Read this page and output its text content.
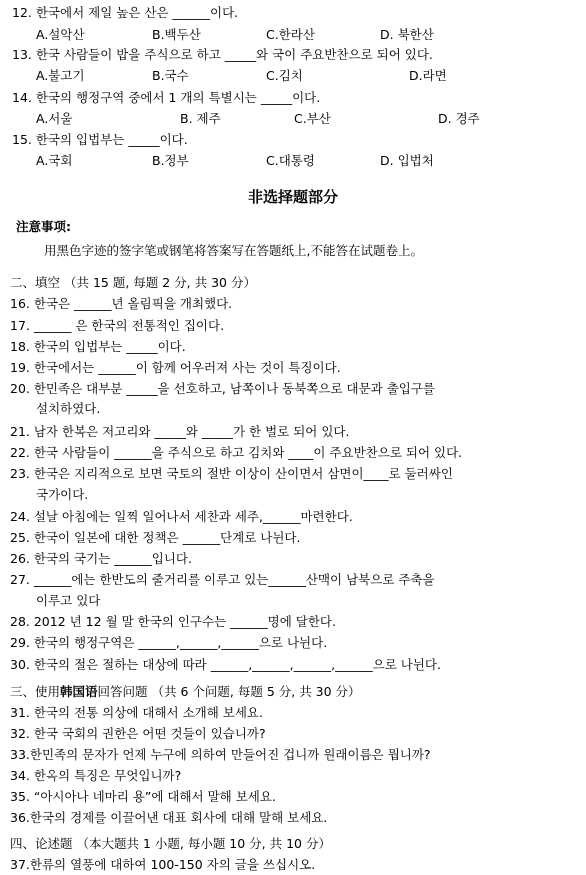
12. 한국에서 제일 높은 산은 ______이다.
A.설악산	B.백두산	C.한라산	D. 북한산
13. 한국 사람들이 밥을 주식으로 하고 _____와 국이 주요반찬으로 되어 있다.
A.불고기	B.국수	C.김치	D.라면
14. 한국의 행정구역 중에서 1 개의 특별시는 _____이다.
A.서울	B. 제주	C.부산	D. 경주
15. 한국의 입법부는 _____이다.
A.국회	B.정부	C.대통령	D. 입법처
非选择题部分
注意事项:
用黑色字迹的签字笔或钢笔将答案写在答题纸上,不能答在试题卷上。
二、填空 （共 15 题, 每题 2 分, 共 30 分）
16. 한국은 ______년 올림픽을 개최했다.
17. ______ 은 한국의 전통적인 집이다.
18. 한국의 입법부는 _____이다.
19. 한국에서는 ______이 함께 어우러져 사는 것이 특징이다.
20. 한민족은 대부분 _____을 선호하고, 남쪽이나 동북쪽으로 대문과 출입구를
설치하였다.
21. 남자 한복은 저고리와 _____와 _____가 한 벌로 되어 있다.
22. 한국 사람들이 ______을 주식으로 하고 김치와 ____이 주요반찬으로 되어 있다.
23. 한국은 지리적으로 보면 국토의 절반 이상이 산이면서 삼면이____로 둘러싸인
국가이다.
24. 설날 아침에는 일찍 일어나서 세찬과 세주,______마련한다.
25. 한국이 일본에 대한 정책은 ______단계로 나뉜다.
26. 한국의 국기는 ______입니다.
27. ______에는 한반도의 줄거리를 이루고 있는______산맥이 남북으로 주축을
이루고 있다
28. 2012 년 12 월 말 한국의 인구수는 ______명에 달한다.
29. 한국의 행정구역은 ______,______,______으로 나뉜다.
30. 한국의 절은 절하는 대상에 따라 ______,______,______,______으로 나뉜다.
三、使用韩国语回答问题 （共 6 个问题, 每题 5 分, 共 30 分）
31. 한국의 전통 의상에 대해서 소개해 보세요.
32. 한국 국회의 권한은 어떤 것들이 있습니까?
33.한민족의 문자가 언제 누구에 의하여 만들어진 겁니까 원래이름은 뭡니까?
34. 한옥의 특징은 무엇입니까?
35. “아시아나 네마리 용”에 대해서 말해 보세요.
36.한국의 경제를 이끌어낸 대표 회사에 대해 말해 보세요.
四、论述题 （本大题共 1 小题, 每小题 10 分, 共 10 分）
37.한류의 열풍에 대하여 100-150 자의 글을 쓰십시오.
